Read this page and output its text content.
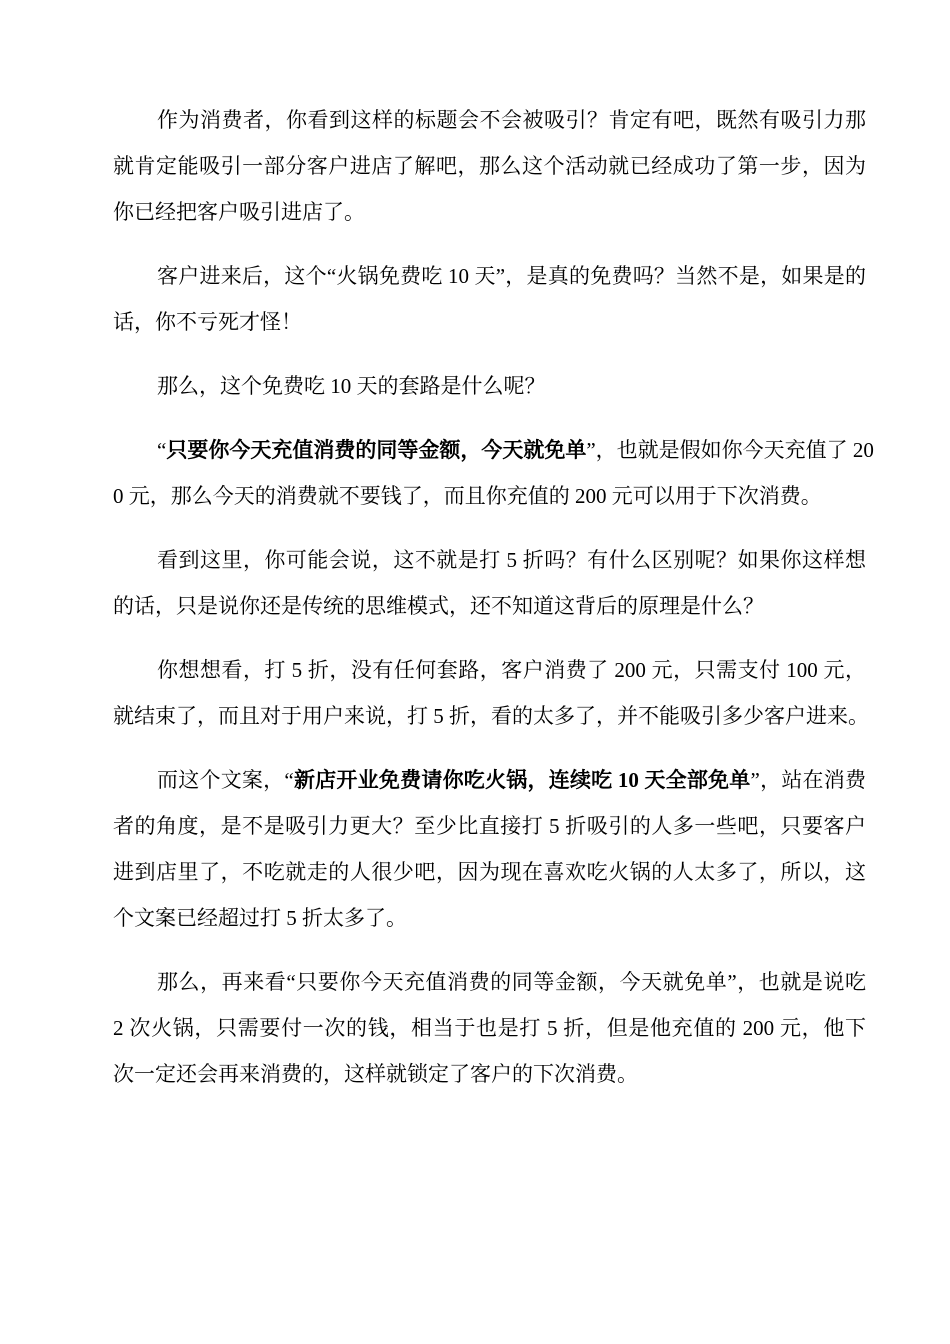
作为消费者，你看到这样的标题会不会被吸引？肯定有吧，既然有吸引力那
就肯定能吸引一部分客户进店了解吧，那么这个活动就已经成功了第一步，因为
你已经把客户吸引进店了。
客户进来后，这个“火锅免费吃 10 天”，是真的免费吗？当然不是，如果是的
话，你不亏死才怪！
那么，这个免费吃 10 天的套路是什么呢？
“只要你今天充值消费的同等金额，今天就免单”，也就是假如你今天充值了 20
0 元，那么今天的消费就不要钱了，而且你充值的 200 元可以用于下次消费。
看到这里，你可能会说，这不就是打 5 折吗？有什么区别呢？如果你这样想
的话，只是说你还是传统的思维模式，还不知道这背后的原理是什么？
你想想看，打 5 折，没有任何套路，客户消费了 200 元，只需支付 100 元，
就结束了，而且对于用户来说，打 5 折，看的太多了，并不能吸引多少客户进来。
而这个文案，“新店开业免费请你吃火锅，连续吃 10 天全部免单”，站在消费
者的角度，是不是吸引力更大？至少比直接打 5 折吸引的人多一些吧，只要客户
进到店里了，不吃就走的人很少吧，因为现在喜欢吃火锅的人太多了，所以，这
个文案已经超过打 5 折太多了。
那么，再来看“只要你今天充值消费的同等金额，今天就免单”，也就是说吃
2 次火锅，只需要付一次的钱，相当于也是打 5 折，但是他充值的 200 元，他下
次一定还会再来消费的，这样就锁定了客户的下次消费。
